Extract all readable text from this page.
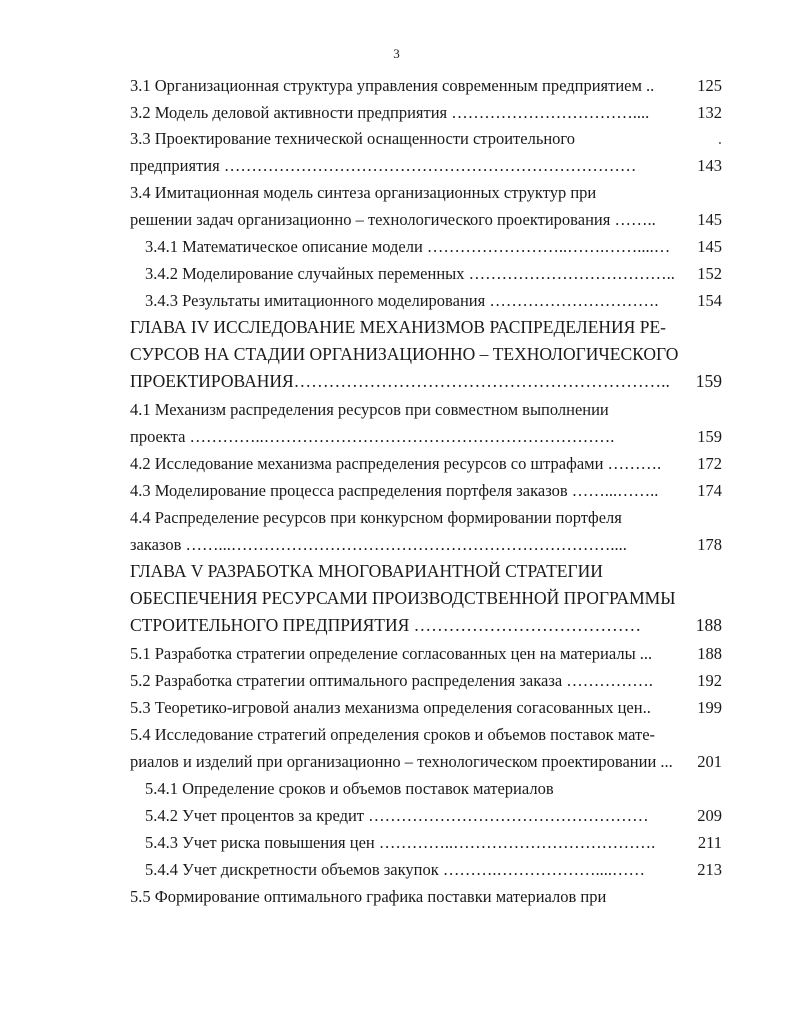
3
3.1 Организационная структура управления современным предприятием ..	125
3.2 Модель деловой активности предприятия ……………………………....	132
3.3 Проектирование технической оснащенности строительного	.
предприятия …………………………………………………………………	143
3.4 Имитационная модель синтеза организационных структур при
решении задач организационно – технологического проектирования ……..	145
3.4.1 Математическое описание модели ……………………..…….……....…	145
3.4.2 Моделирование случайных переменных ………………………………..	152
3.4.3 Результаты имитационного моделирования ………………………….	154
ГЛАВА IV ИССЛЕДОВАНИЕ МЕХАНИЗМОВ РАСПРЕДЕЛЕНИЯ РЕ-
СУРСОВ НА СТАДИИ ОРГАНИЗАЦИОННО – ТЕХНОЛОГИЧЕСКОГО
ПРОЕКТИРОВАНИЯ………………………………………………………..	159
4.1 Механизм распределения ресурсов при совместном выполнении
проекта …………..……………………………………………………….	159
4.2 Исследование механизма распределения ресурсов со штрафами ……….	172
4.3 Моделирование процесса распределения портфеля заказов ……...……..	174
4.4 Распределение ресурсов при конкурсном формировании портфеля
заказов ……...……………………………………………………………....	178
ГЛАВА V РАЗРАБОТКА МНОГОВАРИАНТНОЙ СТРАТЕГИИ
ОБЕСПЕЧЕНИЯ РЕСУРСАМИ ПРОИЗВОДСТВЕННОЙ ПРОГРАММЫ
СТРОИТЕЛЬНОГО ПРЕДПРИЯТИЯ …………………………………	188
5.1 Разработка стратегии определение согласованных цен на материалы ...	188
5.2 Разработка стратегии оптимального распределения заказа …………….	192
5.3 Теоретико-игровой анализ механизма определения согасованных цен..	199
5.4 Исследование стратегий определения сроков и объемов поставок мате-
риалов и изделий при организационно – технологическом проектировании ...	201
5.4.1 Определение сроков и объемов поставок материалов
5.4.2 Учет процентов за кредит ……………………………………………	209
5.4.3 Учет риска повышения цен …………..……………………………….	211
5.4.4 Учет дискретности объемов закупок ……….………………....……	213
5.5 Формирование оптимального графика поставки материалов при
